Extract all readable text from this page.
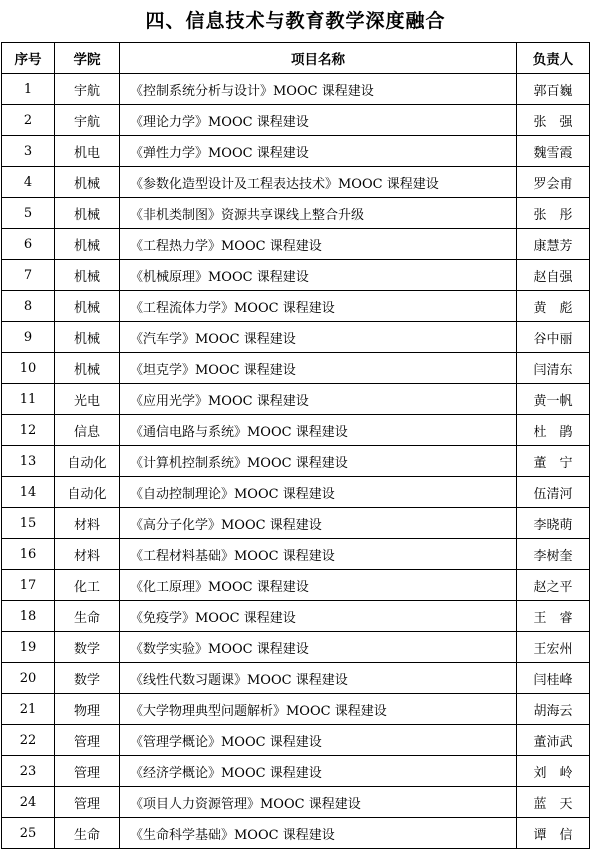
四、信息技术与教育教学深度融合
序号	学院	项目名称	负责人
1	宇航	《控制系统分析与设计》MOOC 课程建设	郭百巍
2	宇航	《理论力学》MOOC 课程建设	张　强
3	机电	《弹性力学》MOOC 课程建设	魏雪霞
4	机械	《参数化造型设计及工程表达技术》MOOC 课程建设	罗会甫
5	机械	《非机类制图》资源共享课线上整合升级	张　彤
6	机械	《工程热力学》MOOC 课程建设	康慧芳
7	机械	《机械原理》MOOC 课程建设	赵自强
8	机械	《工程流体力学》MOOC 课程建设	黄　彪
9	机械	《汽车学》MOOC 课程建设	谷中丽
10	机械	《坦克学》MOOC 课程建设	闫清东
11	光电	《应用光学》MOOC 课程建设	黄一帆
12	信息	《通信电路与系统》MOOC 课程建设	杜　鹃
13	自动化	《计算机控制系统》MOOC 课程建设	董　宁
14	自动化	《自动控制理论》MOOC 课程建设	伍清河
15	材料	《高分子化学》MOOC 课程建设	李晓萌
16	材料	《工程材料基础》MOOC 课程建设	李树奎
17	化工	《化工原理》MOOC 课程建设	赵之平
18	生命	《免疫学》MOOC 课程建设	王　睿
19	数学	《数学实验》MOOC 课程建设	王宏州
20	数学	《线性代数习题课》MOOC 课程建设	闫桂峰
21	物理	《大学物理典型问题解析》MOOC 课程建设	胡海云
22	管理	《管理学概论》MOOC 课程建设	董沛武
23	管理	《经济学概论》MOOC 课程建设	刘　岭
24	管理	《项目人力资源管理》MOOC 课程建设	蓝　天
25	生命	《生命科学基础》MOOC 课程建设	谭　信
